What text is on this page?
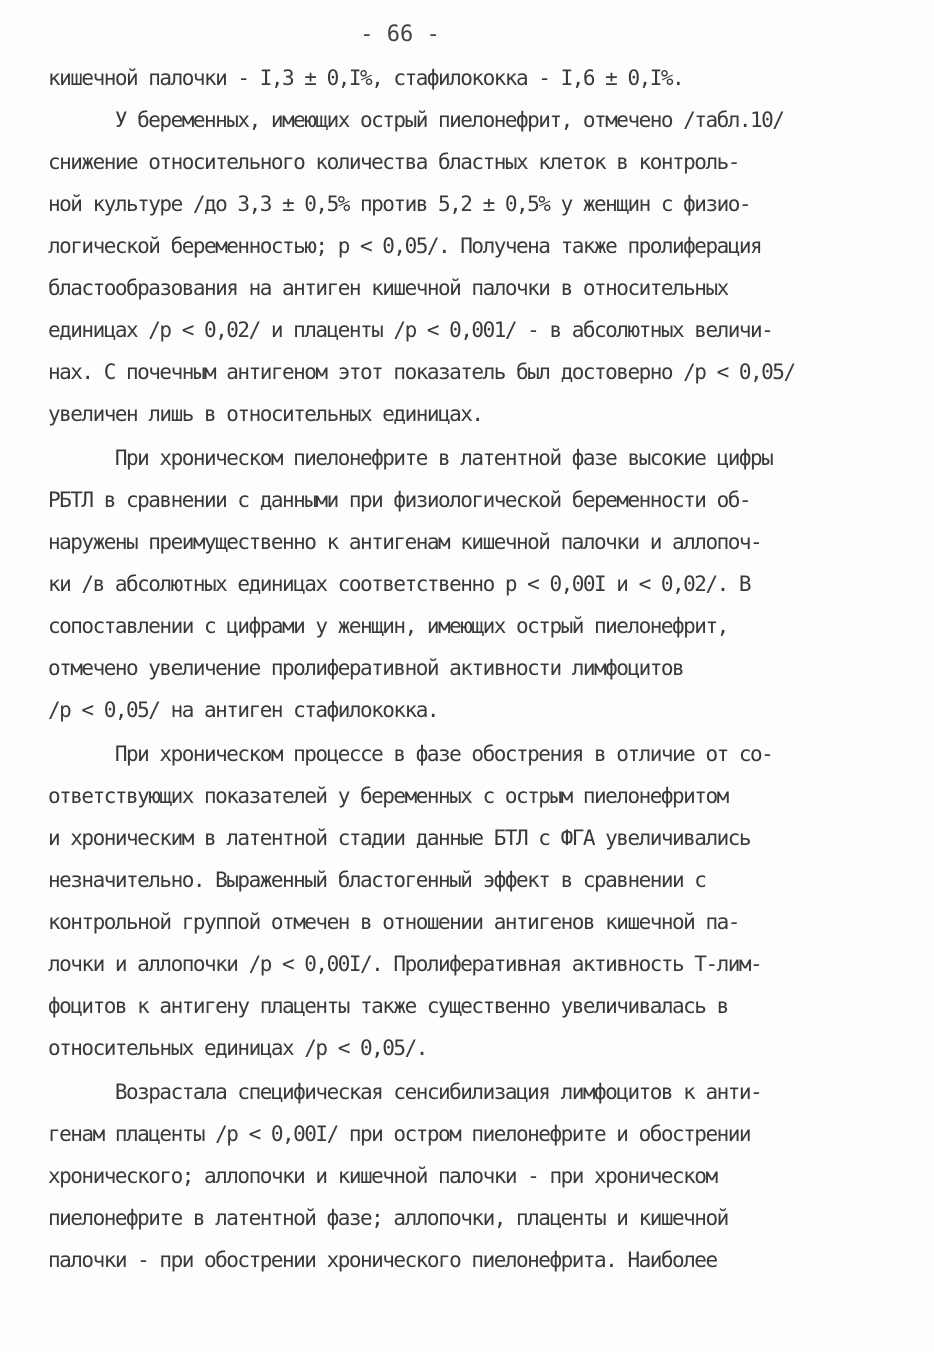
- 66 -
кишечной палочки - I,3 ± 0,I%, стафилококка - I,6 ± 0,I%.
У беременных, имеющих острый пиелонефрит, отмечено /табл.10/
снижение относительного количества бластных клеток в контроль-
ной культуре /до 3,3 ± 0,5% против 5,2 ± 0,5% у женщин с физио-
логической беременностью; p < 0,05/. Получена также пролиферация
бластообразования на антиген кишечной палочки в относительных
единицах /p < 0,02/ и плаценты /p < 0,001/ - в абсолютных величи-
нах. С почечным антигеном этот показатель был достоверно /p < 0,05/
увеличен лишь в относительных единицах.
При хроническом пиелонефрите в латентной фазе высокие цифры
РБТЛ в сравнении с данными при физиологической беременности об-
наружены преимущественно к антигенам кишечной палочки и аллопоч-
ки /в абсолютных единицах соответственно p < 0,00I и < 0,02/. В
сопоставлении с цифрами у женщин, имеющих острый пиелонефрит,
отмечено увеличение пролиферативной активности лимфоцитов
/p < 0,05/ на антиген стафилококка.
При хроническом процессе в фазе обострения в отличие от со-
ответствующих показателей у беременных с острым пиелонефритом
и хроническим в латентной стадии данные БТЛ с ФГА увеличивались
незначительно. Выраженный бластогенный эффект в сравнении с
контрольной группой отмечен в отношении антигенов кишечной па-
лочки и аллопочки /p < 0,00I/. Пролиферативная активность Т-лим-
фоцитов к антигену плаценты также существенно увеличивалась в
относительных единицах /p < 0,05/.
Возрастала специфическая сенсибилизация лимфоцитов к анти-
генам плаценты /p < 0,00I/ при остром пиелонефрите и обострении
хронического; аллопочки и кишечной палочки - при хроническом
пиелонефрите в латентной фазе; аллопочки, плаценты и кишечной
палочки - при обострении хронического пиелонефрита. Наиболее
